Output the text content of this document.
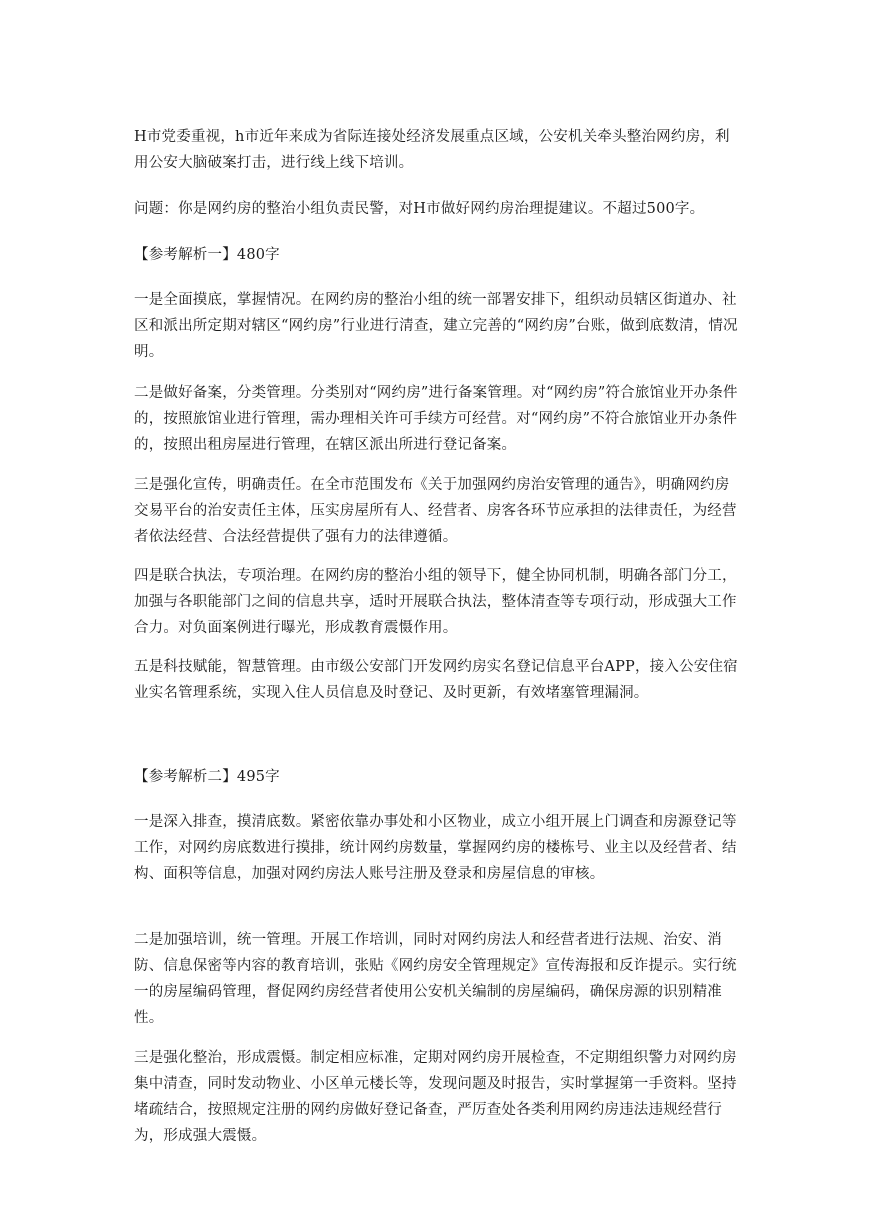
H市党委重视，h市近年来成为省际连接处经济发展重点区域，公安机关牵头整治网约房，利用公安大脑破案打击，进行线上线下培训。

问题：你是网约房的整治小组负责民警，对H市做好网约房治理提建议。不超过500字。

【参考解析一】480字

一是全面摸底，掌握情况。在网约房的整治小组的统一部署安排下，组织动员辖区街道办、社区和派出所定期对辖区“网约房”行业进行清查，建立完善的“网约房”台账，做到底数清，情况明。

二是做好备案，分类管理。分类别对“网约房”进行备案管理。对“网约房”符合旅馆业开办条件的，按照旅馆业进行管理，需办理相关许可手续方可经营。对“网约房”不符合旅馆业开办条件的，按照出租房屋进行管理，在辖区派出所进行登记备案。

三是强化宣传，明确责任。在全市范围发布《关于加强网约房治安管理的通告》，明确网约房交易平台的治安责任主体，压实房屋所有人、经营者、房客各环节应承担的法律责任，为经营者依法经营、合法经营提供了强有力的法律遵循。

四是联合执法，专项治理。在网约房的整治小组的领导下，健全协同机制，明确各部门分工，加强与各职能部门之间的信息共享，适时开展联合执法，整体清查等专项行动，形成强大工作合力。对负面案例进行曝光，形成教育震慑作用。

五是科技赋能，智慧管理。由市级公安部门开发网约房实名登记信息平台APP，接入公安住宿业实名管理系统，实现入住人员信息及时登记、及时更新，有效堵塞管理漏洞。

【参考解析二】495字

一是深入排查，摸清底数。紧密依靠办事处和小区物业，成立小组开展上门调查和房源登记等工作，对网约房底数进行摸排，统计网约房数量，掌握网约房的楼栋号、业主以及经营者、结构、面积等信息，加强对网约房法人账号注册及登录和房屋信息的审核。

二是加强培训，统一管理。开展工作培训，同时对网约房法人和经营者进行法规、治安、消防、信息保密等内容的教育培训，张贴《网约房安全管理规定》宣传海报和反诈提示。实行统一的房屋编码管理，督促网约房经营者使用公安机关编制的房屋编码，确保房源的识别精准性。

三是强化整治，形成震慑。制定相应标准，定期对网约房开展检查，不定期组织警力对网约房集中清查，同时发动物业、小区单元楼长等，发现问题及时报告，实时掌握第一手资料。坚持堵疏结合，按照规定注册的网约房做好登记备查，严厉查处各类利用网约房违法违规经营行为，形成强大震慑。
